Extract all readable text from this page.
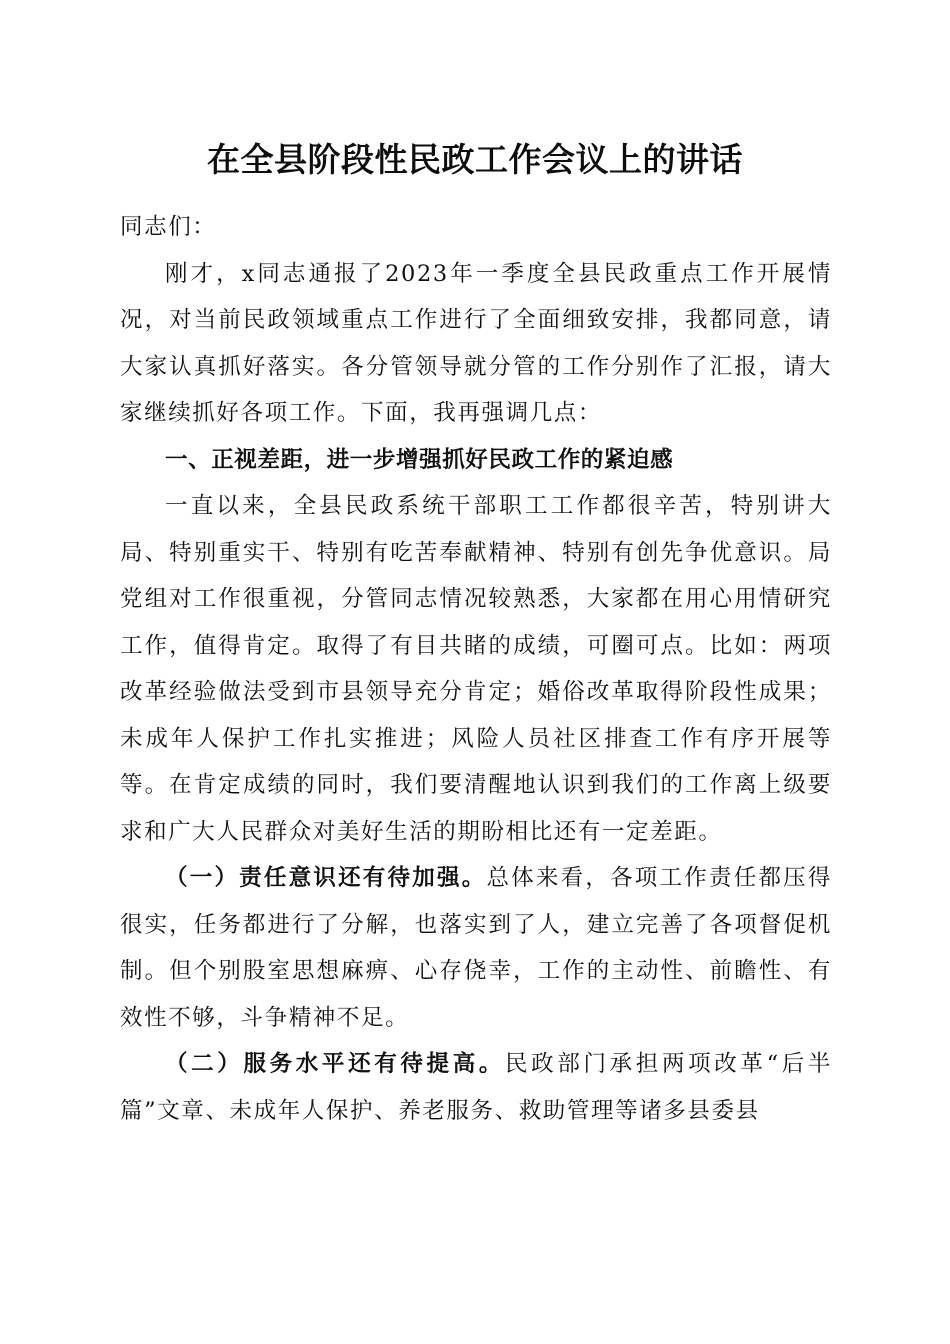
在全县阶段性民政工作会议上的讲话

同志们：

刚才，x同志通报了2023年一季度全县民政重点工作开展情况，对当前民政领域重点工作进行了全面细致安排，我都同意，请大家认真抓好落实。各分管领导就分管的工作分别作了汇报，请大家继续抓好各项工作。下面，我再强调几点：

一、正视差距，进一步增强抓好民政工作的紧迫感

一直以来，全县民政系统干部职工工作都很辛苦，特别讲大局、特别重实干、特别有吃苦奉献精神、特别有创先争优意识。局党组对工作很重视，分管同志情况较熟悉，大家都在用心用情研究工作，值得肯定。取得了有目共睹的成绩，可圈可点。比如：两项改革经验做法受到市县领导充分肯定；婚俗改革取得阶段性成果；未成年人保护工作扎实推进；风险人员社区排查工作有序开展等等。在肯定成绩的同时，我们要清醒地认识到我们的工作离上级要求和广大人民群众对美好生活的期盼相比还有一定差距。

（一）责任意识还有待加强。总体来看，各项工作责任都压得很实，任务都进行了分解，也落实到了人，建立完善了各项督促机制。但个别股室思想麻痹、心存侥幸，工作的主动性、前瞻性、有效性不够，斗争精神不足。

（二）服务水平还有待提高。民政部门承担两项改革“后半篇”文章、未成年人保护、养老服务、救助管理等诸多县委县
